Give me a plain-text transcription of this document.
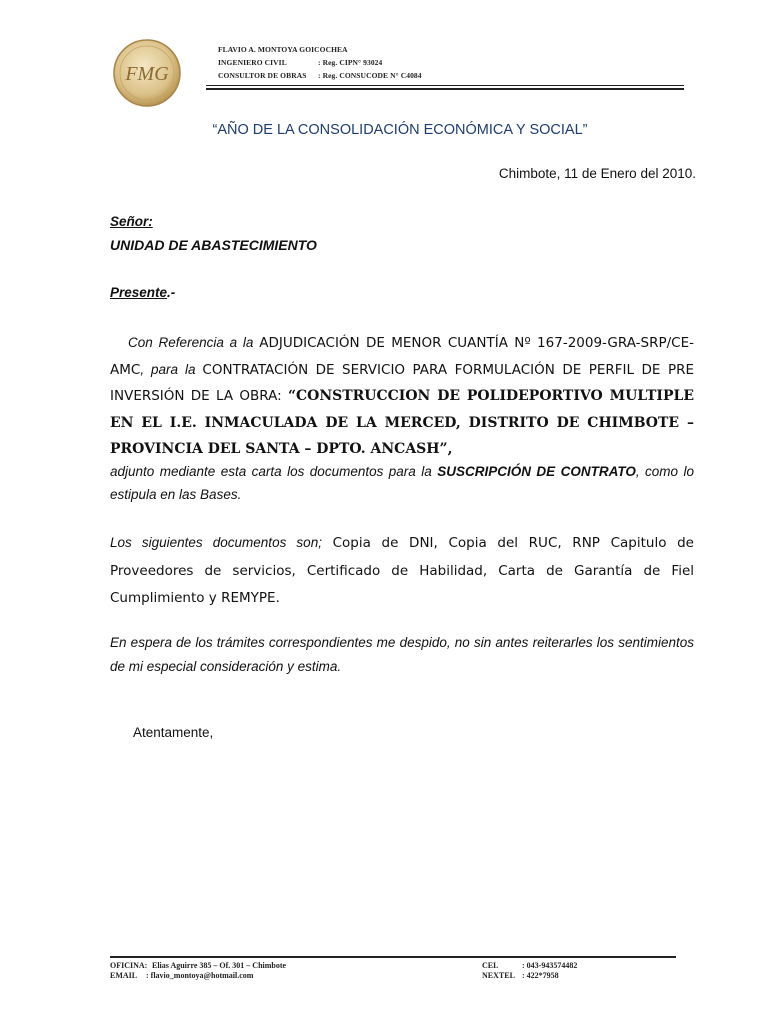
FMG
FLAVIO A. MONTOYA GOICOCHEA
INGENIERO CIVIL	: Reg. CIPN° 93024
CONSULTOR DE OBRAS : Reg. CONSUCODE N° C4084
“AÑO DE LA CONSOLIDACIÓN ECONÓMICA Y SOCIAL”
Chimbote, 11 de Enero del 2010.
Señor:
UNIDAD DE ABASTECIMIENTO
Presente.-
Con Referencia a la ADJUDICACIÓN DE MENOR CUANTÍA Nº 167-2009-GRA-SRP/CE-AMC, para la CONTRATACIÓN DE SERVICIO PARA FORMULACIÓN DE PERFIL DE PRE INVERSIÓN DE LA OBRA: “CONSTRUCCION DE POLIDEPORTIVO MULTIPLE EN EL I.E. INMACULADA DE LA MERCED, DISTRITO DE CHIMBOTE – PROVINCIA DEL SANTA – DPTO. ANCASH”,
adjunto mediante esta carta los documentos para la SUSCRIPCIÓN DE CONTRATO, como lo estipula en las Bases.
Los siguientes documentos son; Copia de DNI, Copia del RUC, RNP Capitulo de Proveedores de servicios, Certificado de Habilidad, Carta de Garantía de Fiel Cumplimiento y REMYPE.
En espera de los trámites correspondientes me despido, no sin antes reiterarles los sentimientos de mi especial consideración y estima.
Atentamente,
OFICINA: Elias Aguirre 385 – Of. 301 – Chimbote
EMAIL : flavio_montoya@hotmail.com
CEL	: 043-943574482
NEXTEL : 422*7958
